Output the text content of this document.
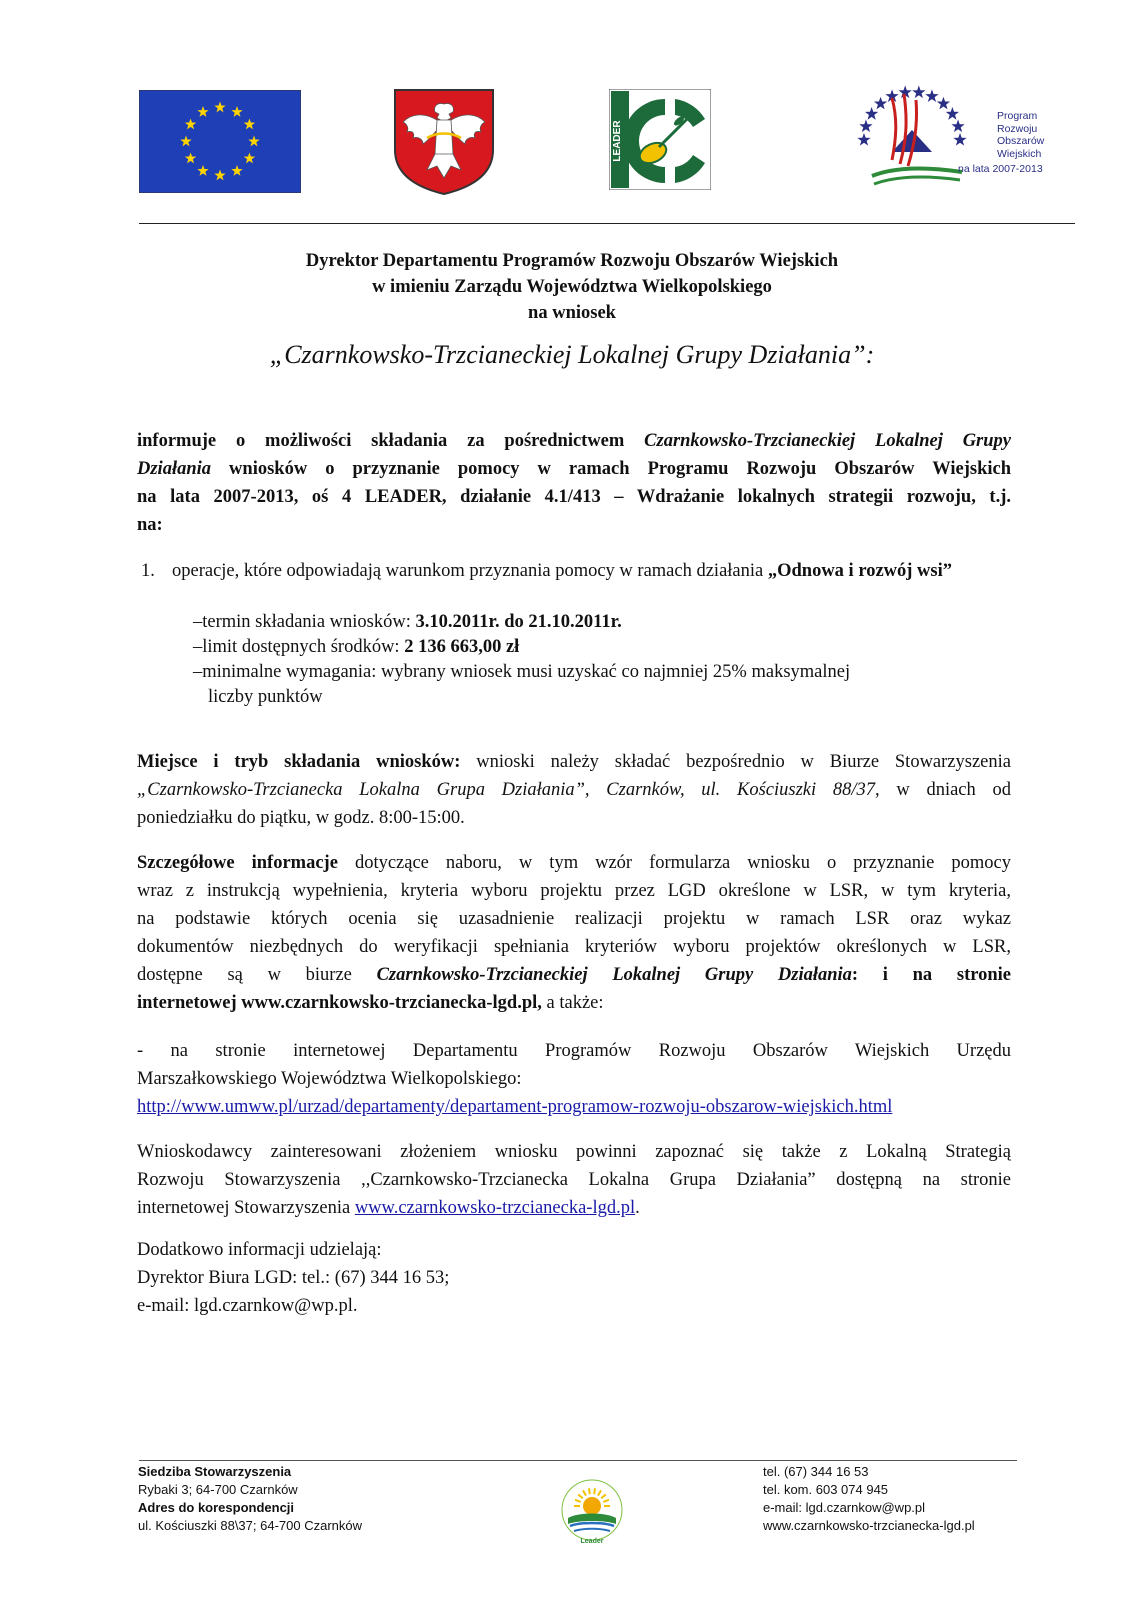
LEADER
Program
Rozwoju
Obszarów
Wiejskich
na lata 2007-2013
Dyrektor Departamentu Programów Rozwoju Obszarów Wiejskich
w imieniu Zarządu Województwa Wielkopolskiego
na wniosek
„Czarnkowsko-Trzcianeckiej Lokalnej Grupy Działania”:
informuje o możliwości składania za pośrednictwem Czarnkowsko-Trzcianeckiej Lokalnej Grupy
Działania wniosków o przyznanie pomocy w ramach Programu Rozwoju Obszarów Wiejskich
na lata 2007-2013, oś 4 LEADER, działanie 4.1/413 – Wdrażanie lokalnych strategii rozwoju, t.j.
na:
1. operacje, które odpowiadają warunkom przyznania pomocy w ramach działania „Odnowa i rozwój wsi”
–termin składania wniosków: 3.10.2011r. do 21.10.2011r.
–limit dostępnych środków: 2 136 663,00 zł
–minimalne wymagania: wybrany wniosek musi uzyskać co najmniej 25% maksymalnej
liczby punktów
Miejsce i tryb składania wniosków: wnioski należy składać bezpośrednio w Biurze Stowarzyszenia
„Czarnkowsko-Trzcianecka Lokalna Grupa Działania”, Czarnków, ul. Kościuszki 88/37, w dniach od
poniedziałku do piątku, w godz. 8:00-15:00.
Szczegółowe informacje dotyczące naboru, w tym wzór formularza wniosku o przyznanie pomocy
wraz z instrukcją wypełnienia, kryteria wyboru projektu przez LGD określone w LSR, w tym kryteria,
na podstawie których ocenia się uzasadnienie realizacji projektu w ramach LSR oraz wykaz
dokumentów niezbędnych do weryfikacji spełniania kryteriów wyboru projektów określonych w LSR,
dostępne są w biurze Czarnkowsko-Trzcianeckiej Lokalnej Grupy Działania: i na stronie
internetowej www.czarnkowsko-trzcianecka-lgd.pl, a także:
- na stronie internetowej Departamentu Programów Rozwoju Obszarów Wiejskich Urzędu
Marszałkowskiego Województwa Wielkopolskiego:
http://www.umww.pl/urzad/departamenty/departament-programow-rozwoju-obszarow-wiejskich.html
Wnioskodawcy zainteresowani złożeniem wniosku powinni zapoznać się także z Lokalną Strategią
Rozwoju Stowarzyszenia ,,Czarnkowsko-Trzcianecka Lokalna Grupa Działania” dostępną na stronie
internetowej Stowarzyszenia www.czarnkowsko-trzcianecka-lgd.pl.
Dodatkowo informacji udzielają:
Dyrektor Biura LGD: tel.: (67) 344 16 53;
e-mail: lgd.czarnkow@wp.pl.
Siedziba Stowarzyszenia
Rybaki 3; 64-700 Czarnków
Adres do korespondencji
ul. Kościuszki 88\37; 64-700 Czarnków
Leader
tel. (67) 344 16 53
tel. kom. 603 074 945
e-mail: lgd.czarnkow@wp.pl
www.czarnkowsko-trzcianecka-lgd.pl
